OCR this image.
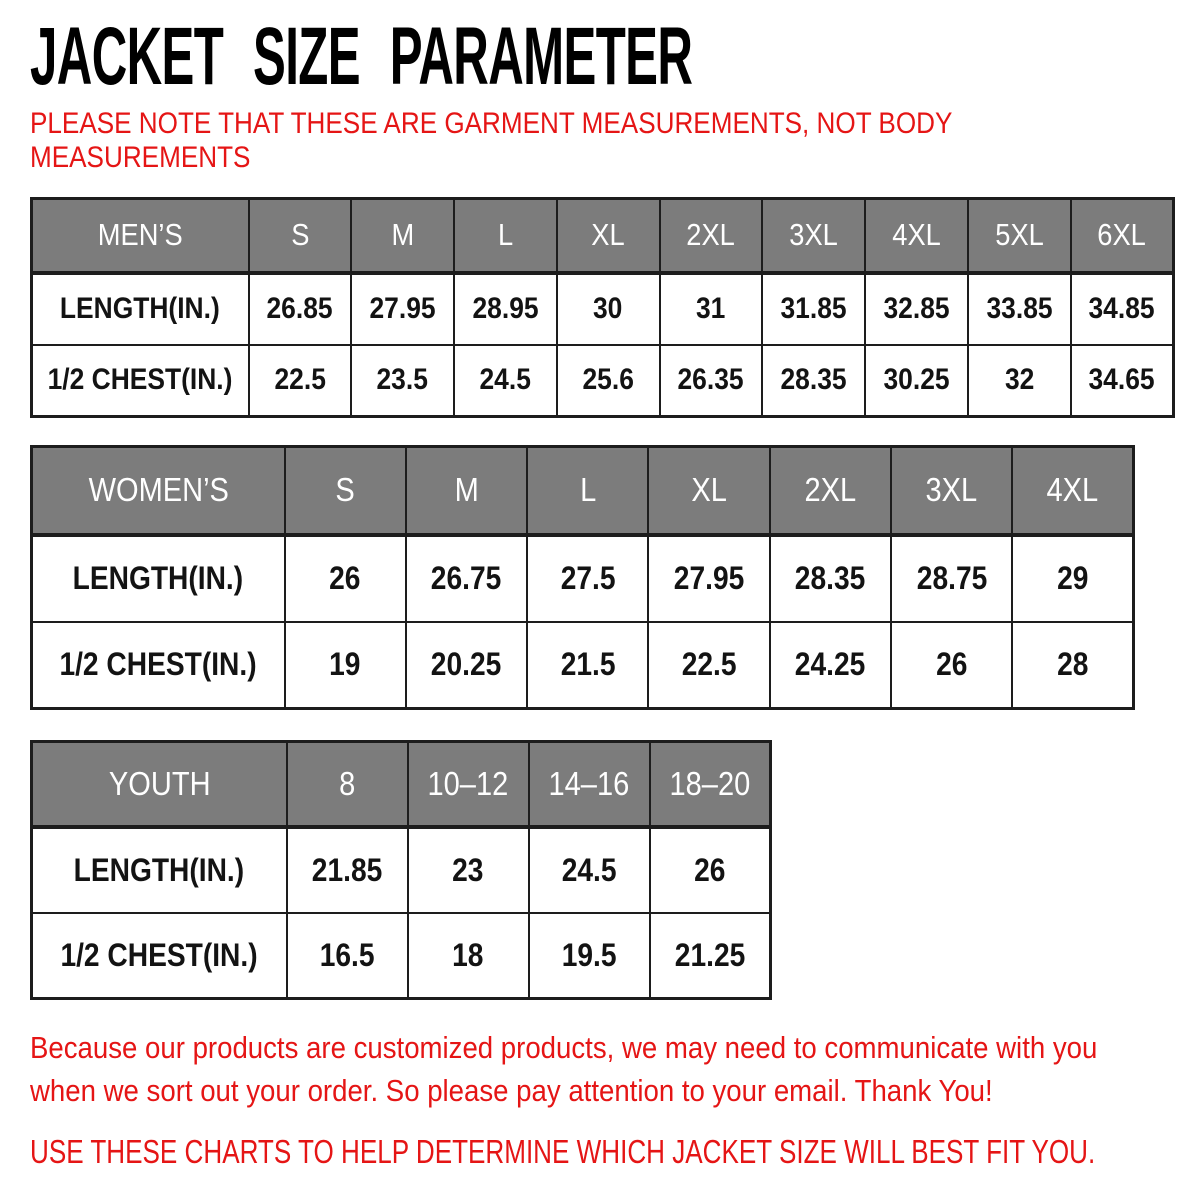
JACKET SIZE PARAMETER
PLEASE NOTE THAT THESE ARE GARMENT MEASUREMENTS, NOT BODY
MEASUREMENTS
MEN’S	S	M	L	XL	2XL	3XL	4XL	5XL	6XL
LENGTH(IN.)	26.85	27.95	28.95	30	31	31.85	32.85	33.85	34.85
1/2 CHEST(IN.)	22.5	23.5	24.5	25.6	26.35	28.35	30.25	32	34.65
WOMEN’S	S	M	L	XL	2XL	3XL	4XL
LENGTH(IN.)	26	26.75	27.5	27.95	28.35	28.75	29
1/2 CHEST(IN.)	19	20.25	21.5	22.5	24.25	26	28
YOUTH	8	10–12	14–16	18–20
LENGTH(IN.)	21.85	23	24.5	26
1/2 CHEST(IN.)	16.5	18	19.5	21.25
Because our products are customized products, we may need to communicate with you
when we sort out your order. So please pay attention to your email. Thank You!
USE THESE CHARTS TO HELP DETERMINE WHICH JACKET SIZE WILL BEST FIT YOU.
